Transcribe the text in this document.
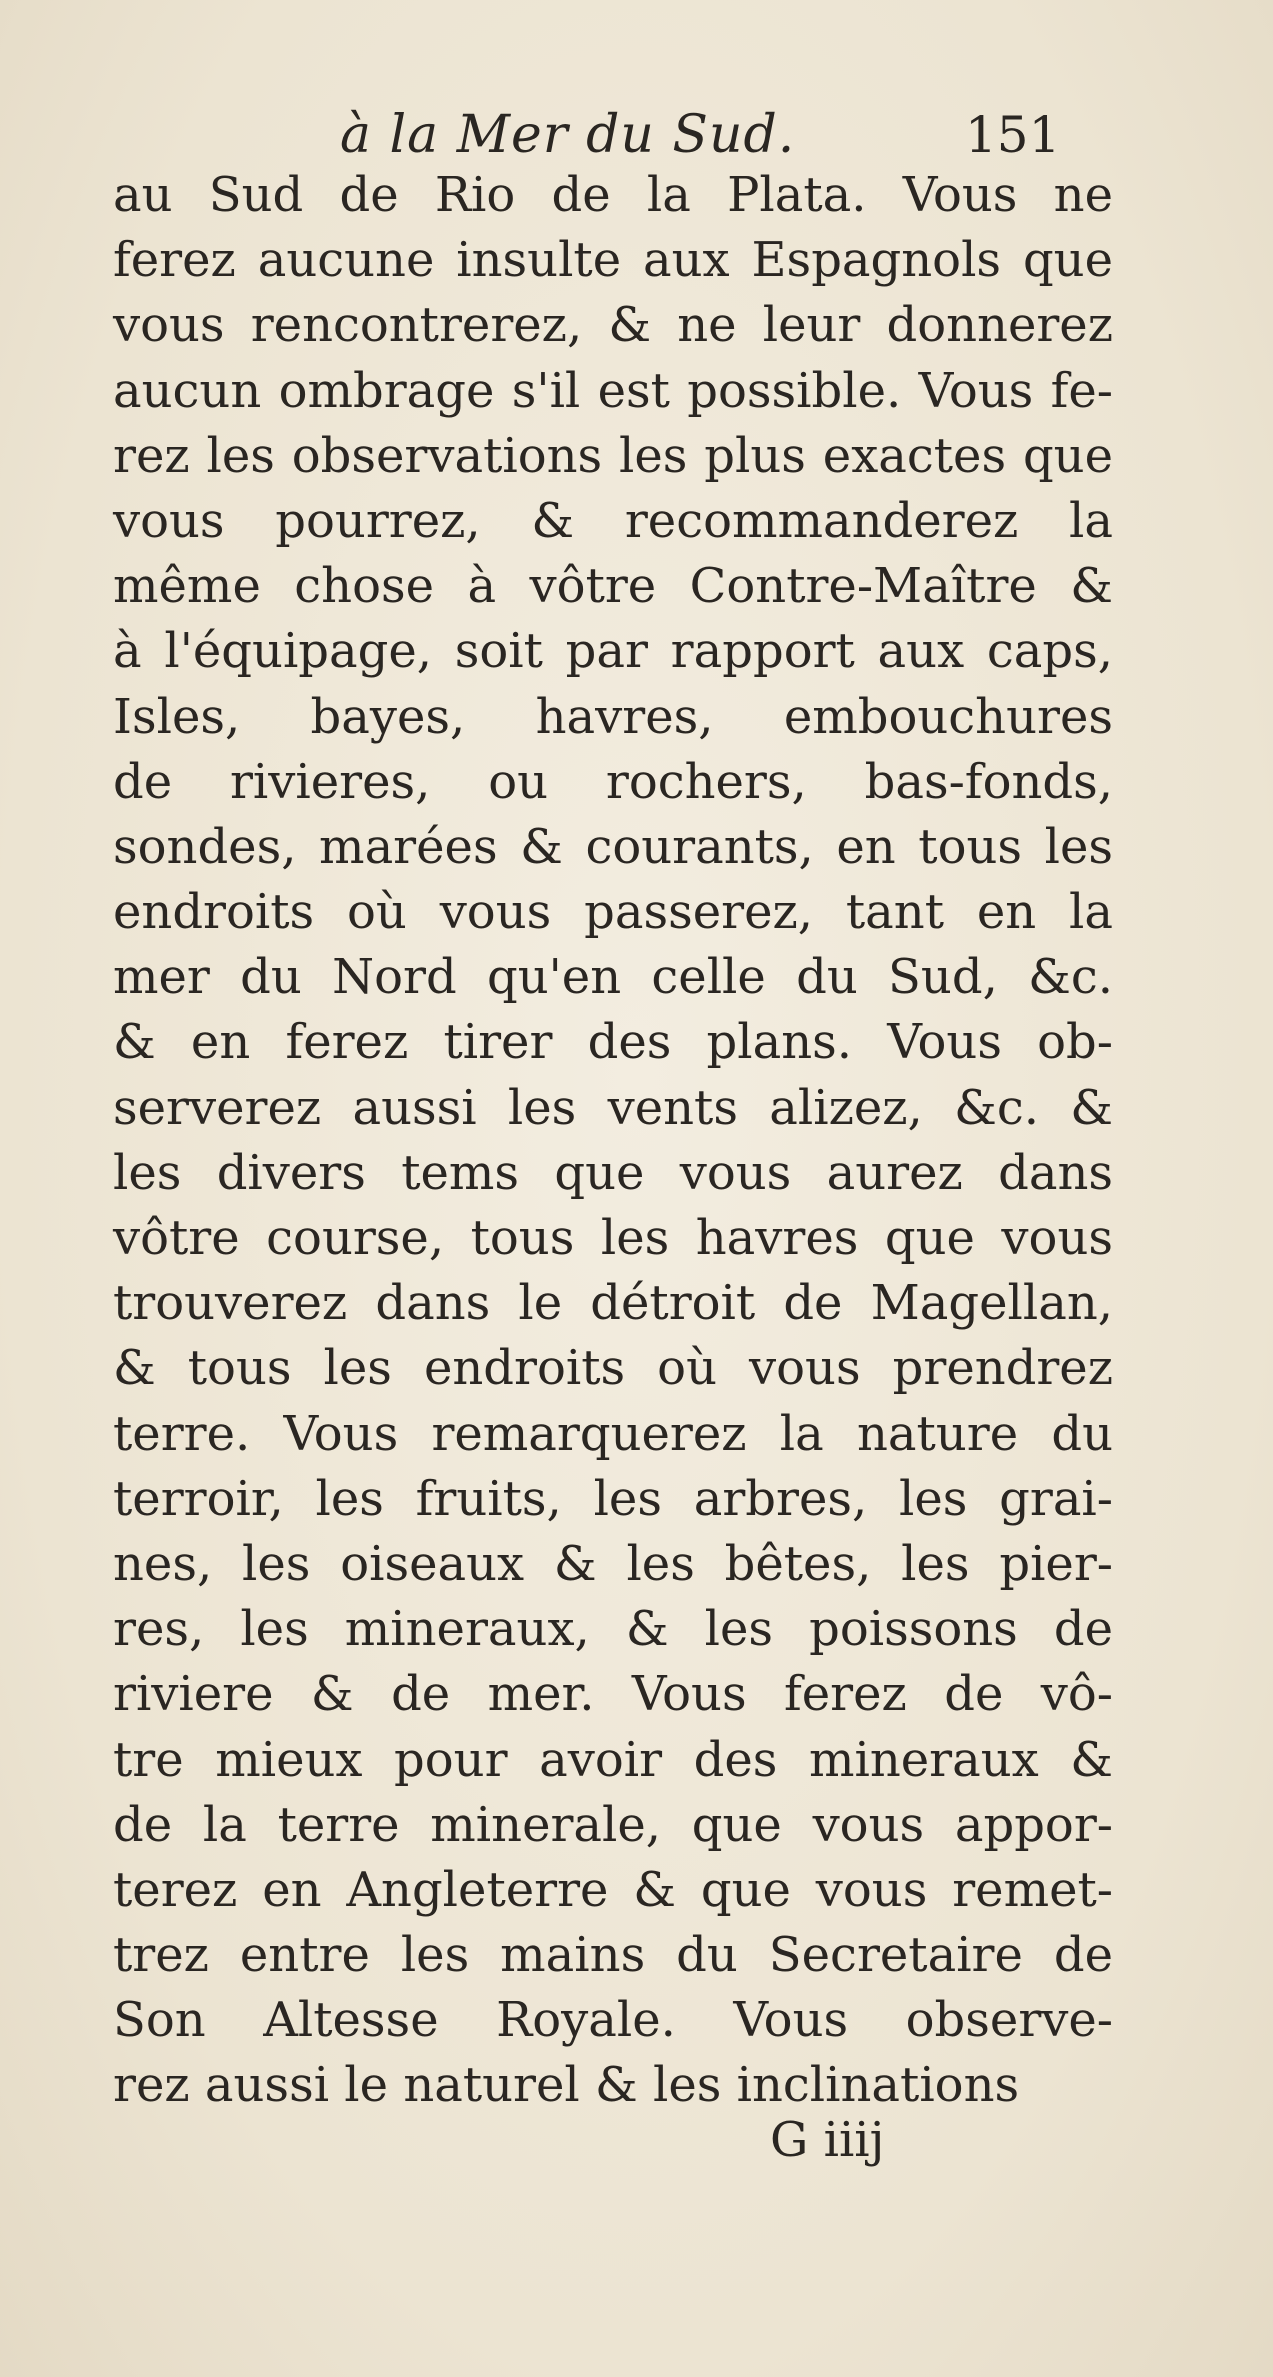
à la Mer du Sud.	151
au Sud de Rio de la Plata. Vous ne
ferez aucune insulte aux Espagnols que
vous rencontrerez, & ne leur donnerez
aucun ombrage s'il est possible. Vous fe-
rez les observations les plus exactes que
vous pourrez, & recommanderez la
même chose à vôtre Contre-Maître &
à l'équipage, soit par rapport aux caps,
Isles, bayes, havres, embouchures
de rivieres, ou rochers, bas-fonds,
sondes, marées & courants, en tous les
endroits où vous passerez, tant en la
mer du Nord qu'en celle du Sud, &c.
& en ferez tirer des plans. Vous ob-
serverez aussi les vents alizez, &c. &
les divers tems que vous aurez dans
vôtre course, tous les havres que vous
trouverez dans le détroit de Magellan,
& tous les endroits où vous prendrez
terre. Vous remarquerez la nature du
terroir, les fruits, les arbres, les grai-
nes, les oiseaux & les bêtes, les pier-
res, les mineraux, & les poissons de
riviere & de mer. Vous ferez de vô-
tre mieux pour avoir des mineraux &
de la terre minerale, que vous appor-
terez en Angleterre & que vous remet-
trez entre les mains du Secretaire de
Son Altesse Royale. Vous observe-
rez aussi le naturel & les inclinations
G iiij
